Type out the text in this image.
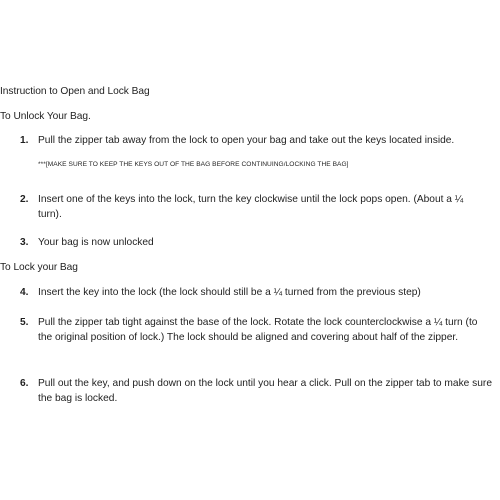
Instruction to Open and Lock Bag
To Unlock Your Bag.
1. Pull the zipper tab away from the lock to open your bag and take out the keys located inside.
***[MAKE SURE TO KEEP THE KEYS OUT OF THE BAG BEFORE CONTINUING/LOCKING THE BAG]
2. Insert one of the keys into the lock, turn the key clockwise until the lock pops open. (About a ¼ turn).
3. Your bag is now unlocked
To Lock your Bag
4. Insert the key into the lock (the lock should still be a ¼ turned from the previous step)
5. Pull the zipper tab tight against the base of the lock. Rotate the lock counterclockwise a ¼ turn (to the original position of lock.) The lock should be aligned and covering about half of the zipper.
6. Pull out the key, and push down on the lock until you hear a click. Pull on the zipper tab to make sure the bag is locked.
